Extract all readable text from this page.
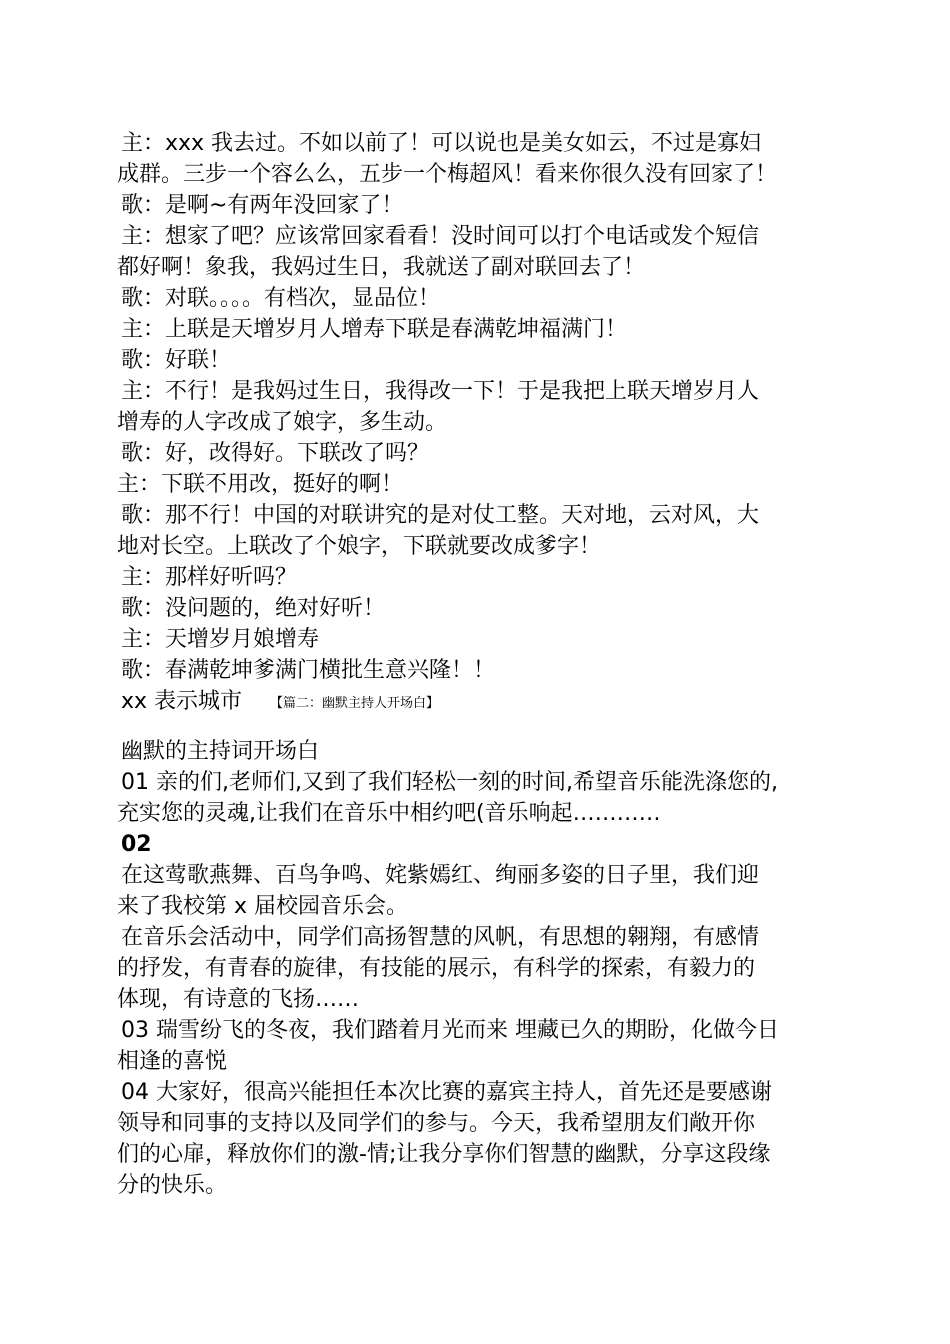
主：xxx 我去过。不如以前了！可以说也是美女如云，不过是寡妇
成群。三步一个容么么，五步一个梅超风！看来你很久没有回家了！
歌：是啊~有两年没回家了！
主：想家了吧？应该常回家看看！没时间可以打个电话或发个短信
都好啊！象我，我妈过生日，我就送了副对联回去了！
歌：对联。。。。有档次，显品位！
主：上联是天增岁月人增寿下联是春满乾坤福满门！
歌：好联！
主：不行！是我妈过生日，我得改一下！于是我把上联天增岁月人
增寿的人字改成了娘字，多生动。
歌：好，改得好。下联改了吗？
主：下联不用改，挺好的啊！
歌：那不行！中国的对联讲究的是对仗工整。天对地，云对风，大
地对长空。上联改了个娘字，下联就要改成爹字！
主：那样好听吗？
歌：没问题的，绝对好听！
主：天增岁月娘增寿
歌：春满乾坤爹满门横批生意兴隆！！
xx 表示城市	【篇二：幽默主持人开场白】
幽默的主持词开场白
01 亲的们,老师们,又到了我们轻松一刻的时间,希望音乐能洗涤您的,
充实您的灵魂,让我们在音乐中相约吧(音乐响起…………
02
在这莺歌燕舞、百鸟争鸣、姹紫嫣红、绚丽多姿的日子里，我们迎
来了我校第 x 届校园音乐会。
在音乐会活动中，同学们高扬智慧的风帆，有思想的翱翔，有感情
的抒发，有青春的旋律，有技能的展示，有科学的探索，有毅力的
体现，有诗意的飞扬……
03 瑞雪纷飞的冬夜，我们踏着月光而来 埋藏已久的期盼，化做今日
相逢的喜悦
04 大家好，很高兴能担任本次比赛的嘉宾主持人，首先还是要感谢
领导和同事的支持以及同学们的参与。今天，我希望朋友们敞开你
们的心扉，释放你们的激-情;让我分享你们智慧的幽默，分享这段缘
分的快乐。
